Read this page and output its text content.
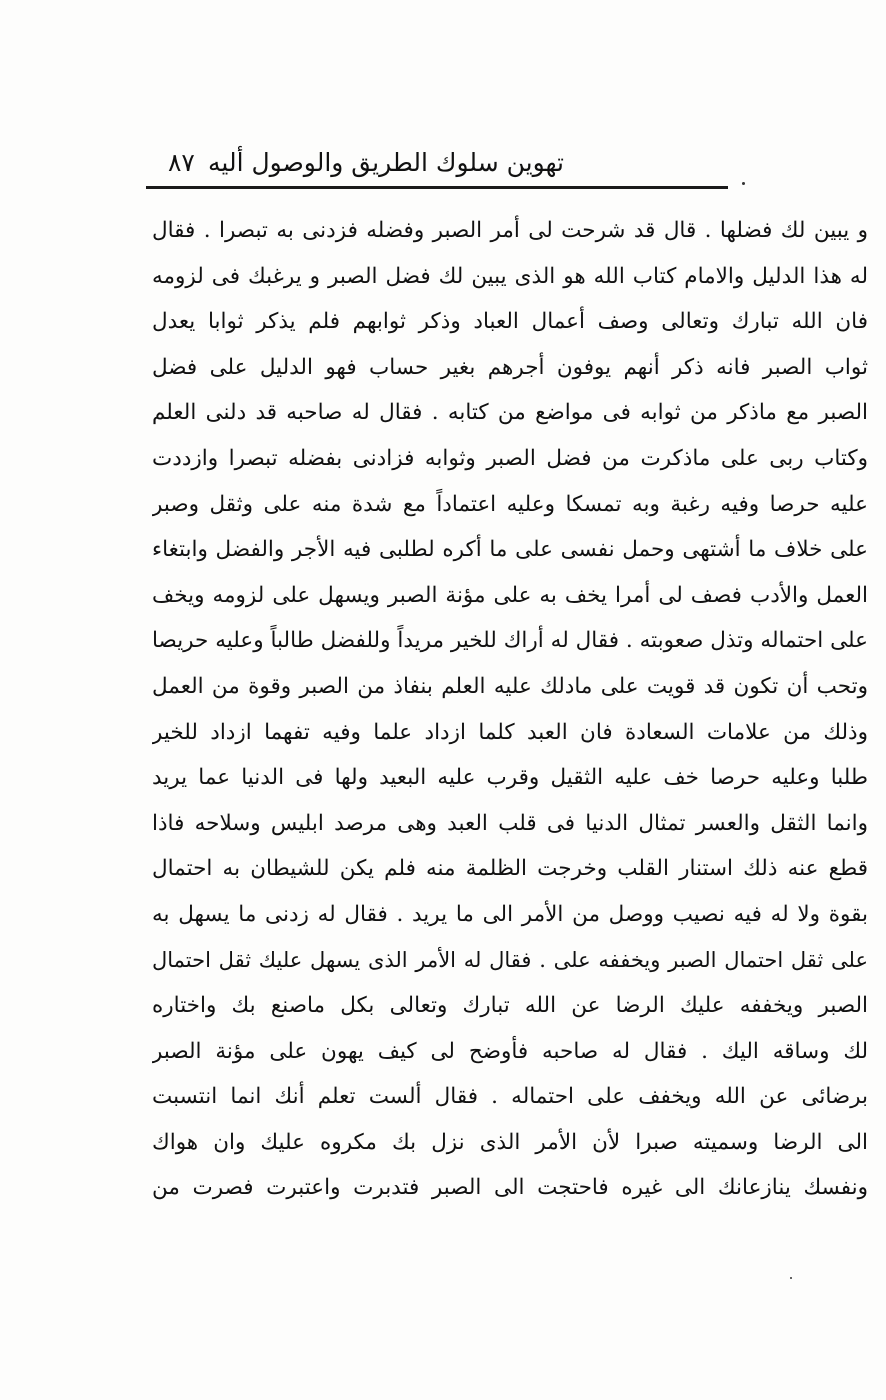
تهوين سلوك الطريق والوصول أليه
٨٧
و يبين لك فضلها . قال قد شرحت لى أمر الصبر وفضله فزدنى به تبصرا . فقال
له هذا الدليل والامام كتاب الله هو الذى يبين لك فضل الصبر و يرغبك فى لزومه
فان الله تبارك وتعالى وصف أعمال العباد وذكر ثوابهم فلم يذكر ثوابا يعدل
ثواب الصبر فانه ذكر أنهم يوفون أجرهم بغير حساب فهو الدليل على فضل
الصبر مع ماذكر من ثوابه فى مواضع من كتابه . فقال له صاحبه قد دلنى العلم
وكتاب ربى على ماذكرت من فضل الصبر وثوابه فزادنى بفضله تبصرا وازددت
عليه حرصا وفيه رغبة وبه تمسكا وعليه اعتماداً مع شدة منه على وثقل وصبر
على خلاف ما أشتهى وحمل نفسى على ما أكره لطلبى فيه الأجر والفضل وابتغاء
العمل والأدب فصف لى أمرا يخف به على مؤنة الصبر ويسهل على لزومه ويخف
على احتماله وتذل صعوبته . فقال له أراك للخير مريداً وللفضل طالباً وعليه حريصا
وتحب أن تكون قد قويت على مادلك عليه العلم بنفاذ من الصبر وقوة من العمل
وذلك من علامات السعادة فان العبد كلما ازداد علما وفيه تفهما ازداد للخير
طلبا وعليه حرصا خف عليه الثقيل وقرب عليه البعيد ولها فى الدنيا عما يريد
وانما الثقل والعسر تمثال الدنيا فى قلب العبد وهى مرصد ابليس وسلاحه فاذا
قطع عنه ذلك استنار القلب وخرجت الظلمة منه فلم يكن للشيطان به احتمال
بقوة ولا له فيه نصيب ووصل من الأمر الى ما يريد . فقال له زدنى ما يسهل به
على ثقل احتمال الصبر ويخففه على . فقال له الأمر الذى يسهل عليك ثقل احتمال
الصبر ويخففه عليك الرضا عن الله تبارك وتعالى بكل ماصنع بك واختاره
لك وساقه اليك . فقال له صاحبه فأوضح لى كيف يهون على مؤنة الصبر
برضائى عن الله ويخفف على احتماله . فقال ألست تعلم أنك انما انتسبت
الى الرضا وسميته صبرا لأن الأمر الذى نزل بك مكروه عليك وان هواك
ونفسك ينازعانك الى غيره فاحتجت الى الصبر فتدبرت واعتبرت فصرت من
